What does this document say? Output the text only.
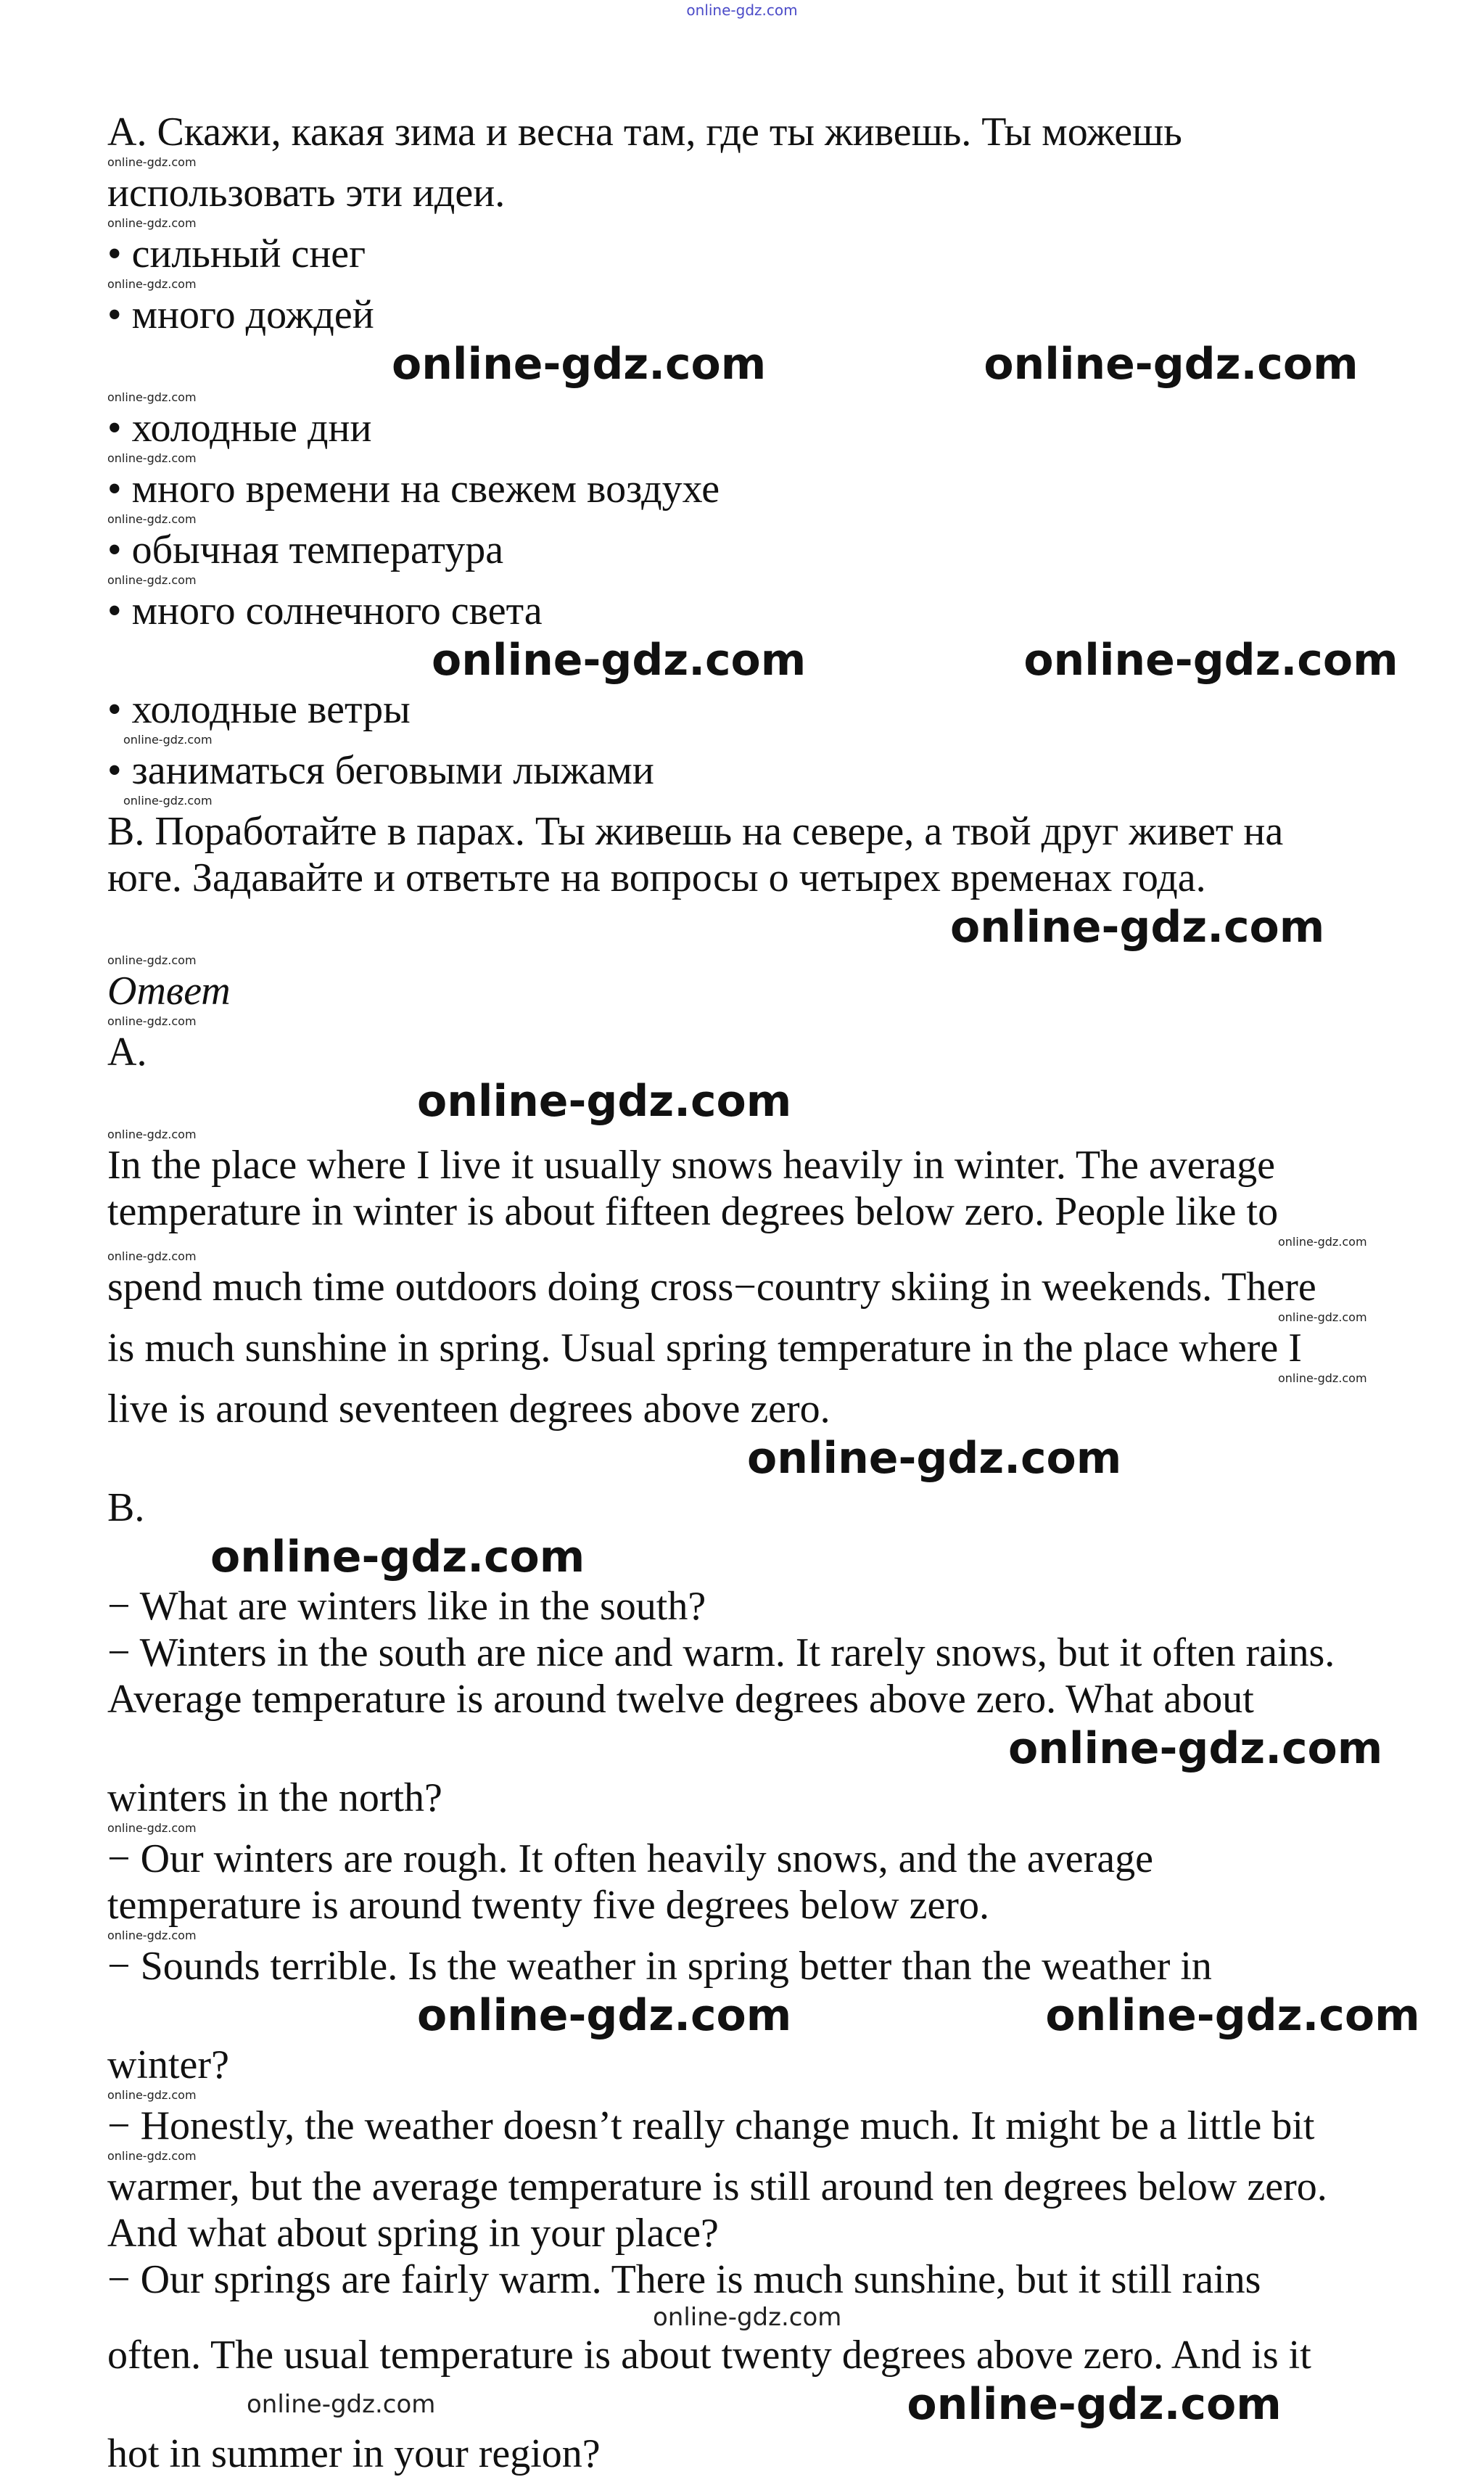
online-gdz.com
A. Скажи, какая зима и весна там, где ты живешь. Ты можешь
online-gdz.com
использовать эти идеи.
online-gdz.com
• сильный снег
online-gdz.com
• много дождей
online-gdz.com	online-gdz.com
online-gdz.com
• холодные дни
online-gdz.com
• много времени на свежем воздухе
online-gdz.com
• обычная температура
online-gdz.com
• много солнечного света
online-gdz.com	online-gdz.com
• холодные ветры
online-gdz.com
• заниматься беговыми лыжами
online-gdz.com
B. Поработайте в парах. Ты живешь на севере, а твой друг живет на
юге. Задавайте и ответьте на вопросы о четырех временах года.
online-gdz.com
online-gdz.com
Ответ
online-gdz.com
A.
online-gdz.com
online-gdz.com
In the place where I live it usually snows heavily in winter. The average
temperature in winter is about fifteen degrees below zero. People like to
online-gdz.com
online-gdz.com
spend much time outdoors doing cross−country skiing in weekends. There
online-gdz.com
is much sunshine in spring. Usual spring temperature in the place where I
online-gdz.com
live is around seventeen degrees above zero.
online-gdz.com
B.
online-gdz.com
− What are winters like in the south?
− Winters in the south are nice and warm. It rarely snows, but it often rains.
Average temperature is around twelve degrees above zero. What about
online-gdz.com
winters in the north?
online-gdz.com
− Our winters are rough. It often heavily snows, and the average
temperature is around twenty five degrees below zero.
online-gdz.com
− Sounds terrible. Is the weather in spring better than the weather in
online-gdz.com	online-gdz.com
winter?
online-gdz.com
− Honestly, the weather doesn’t really change much. It might be a little bit
online-gdz.com
warmer, but the average temperature is still around ten degrees below zero.
And what about spring in your place?
− Our springs are fairly warm. There is much sunshine, but it still rains
online-gdz.com
often. The usual temperature is about twenty degrees above zero. And is it
online-gdz.com	online-gdz.com
hot in summer in your region?
